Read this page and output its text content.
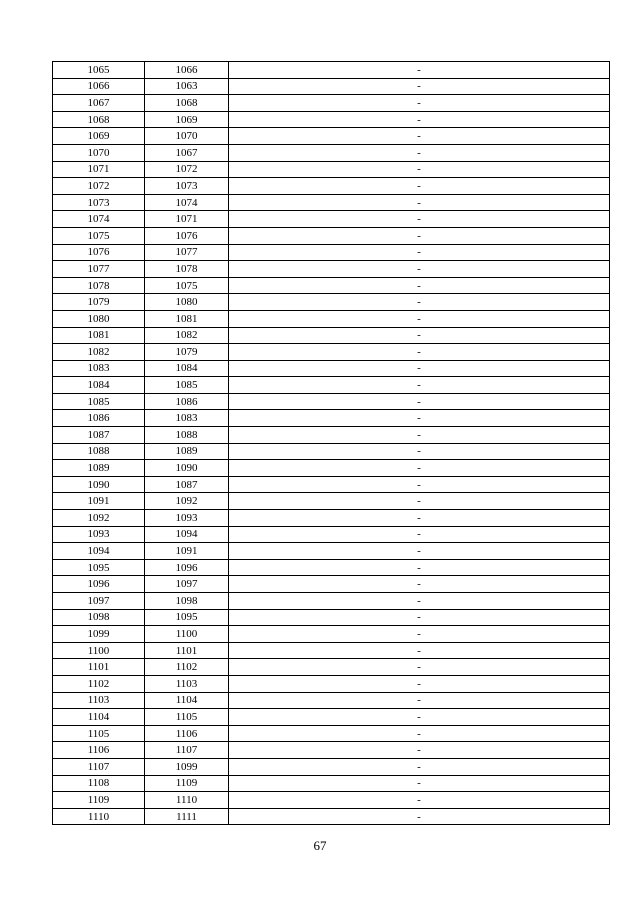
1065	1066	-
1066	1063	-
1067	1068	-
1068	1069	-
1069	1070	-
1070	1067	-
1071	1072	-
1072	1073	-
1073	1074	-
1074	1071	-
1075	1076	-
1076	1077	-
1077	1078	-
1078	1075	-
1079	1080	-
1080	1081	-
1081	1082	-
1082	1079	-
1083	1084	-
1084	1085	-
1085	1086	-
1086	1083	-
1087	1088	-
1088	1089	-
1089	1090	-
1090	1087	-
1091	1092	-
1092	1093	-
1093	1094	-
1094	1091	-
1095	1096	-
1096	1097	-
1097	1098	-
1098	1095	-
1099	1100	-
1100	1101	-
1101	1102	-
1102	1103	-
1103	1104	-
1104	1105	-
1105	1106	-
1106	1107	-
1107	1099	-
1108	1109	-
1109	1110	-
1110	1111	-
67
